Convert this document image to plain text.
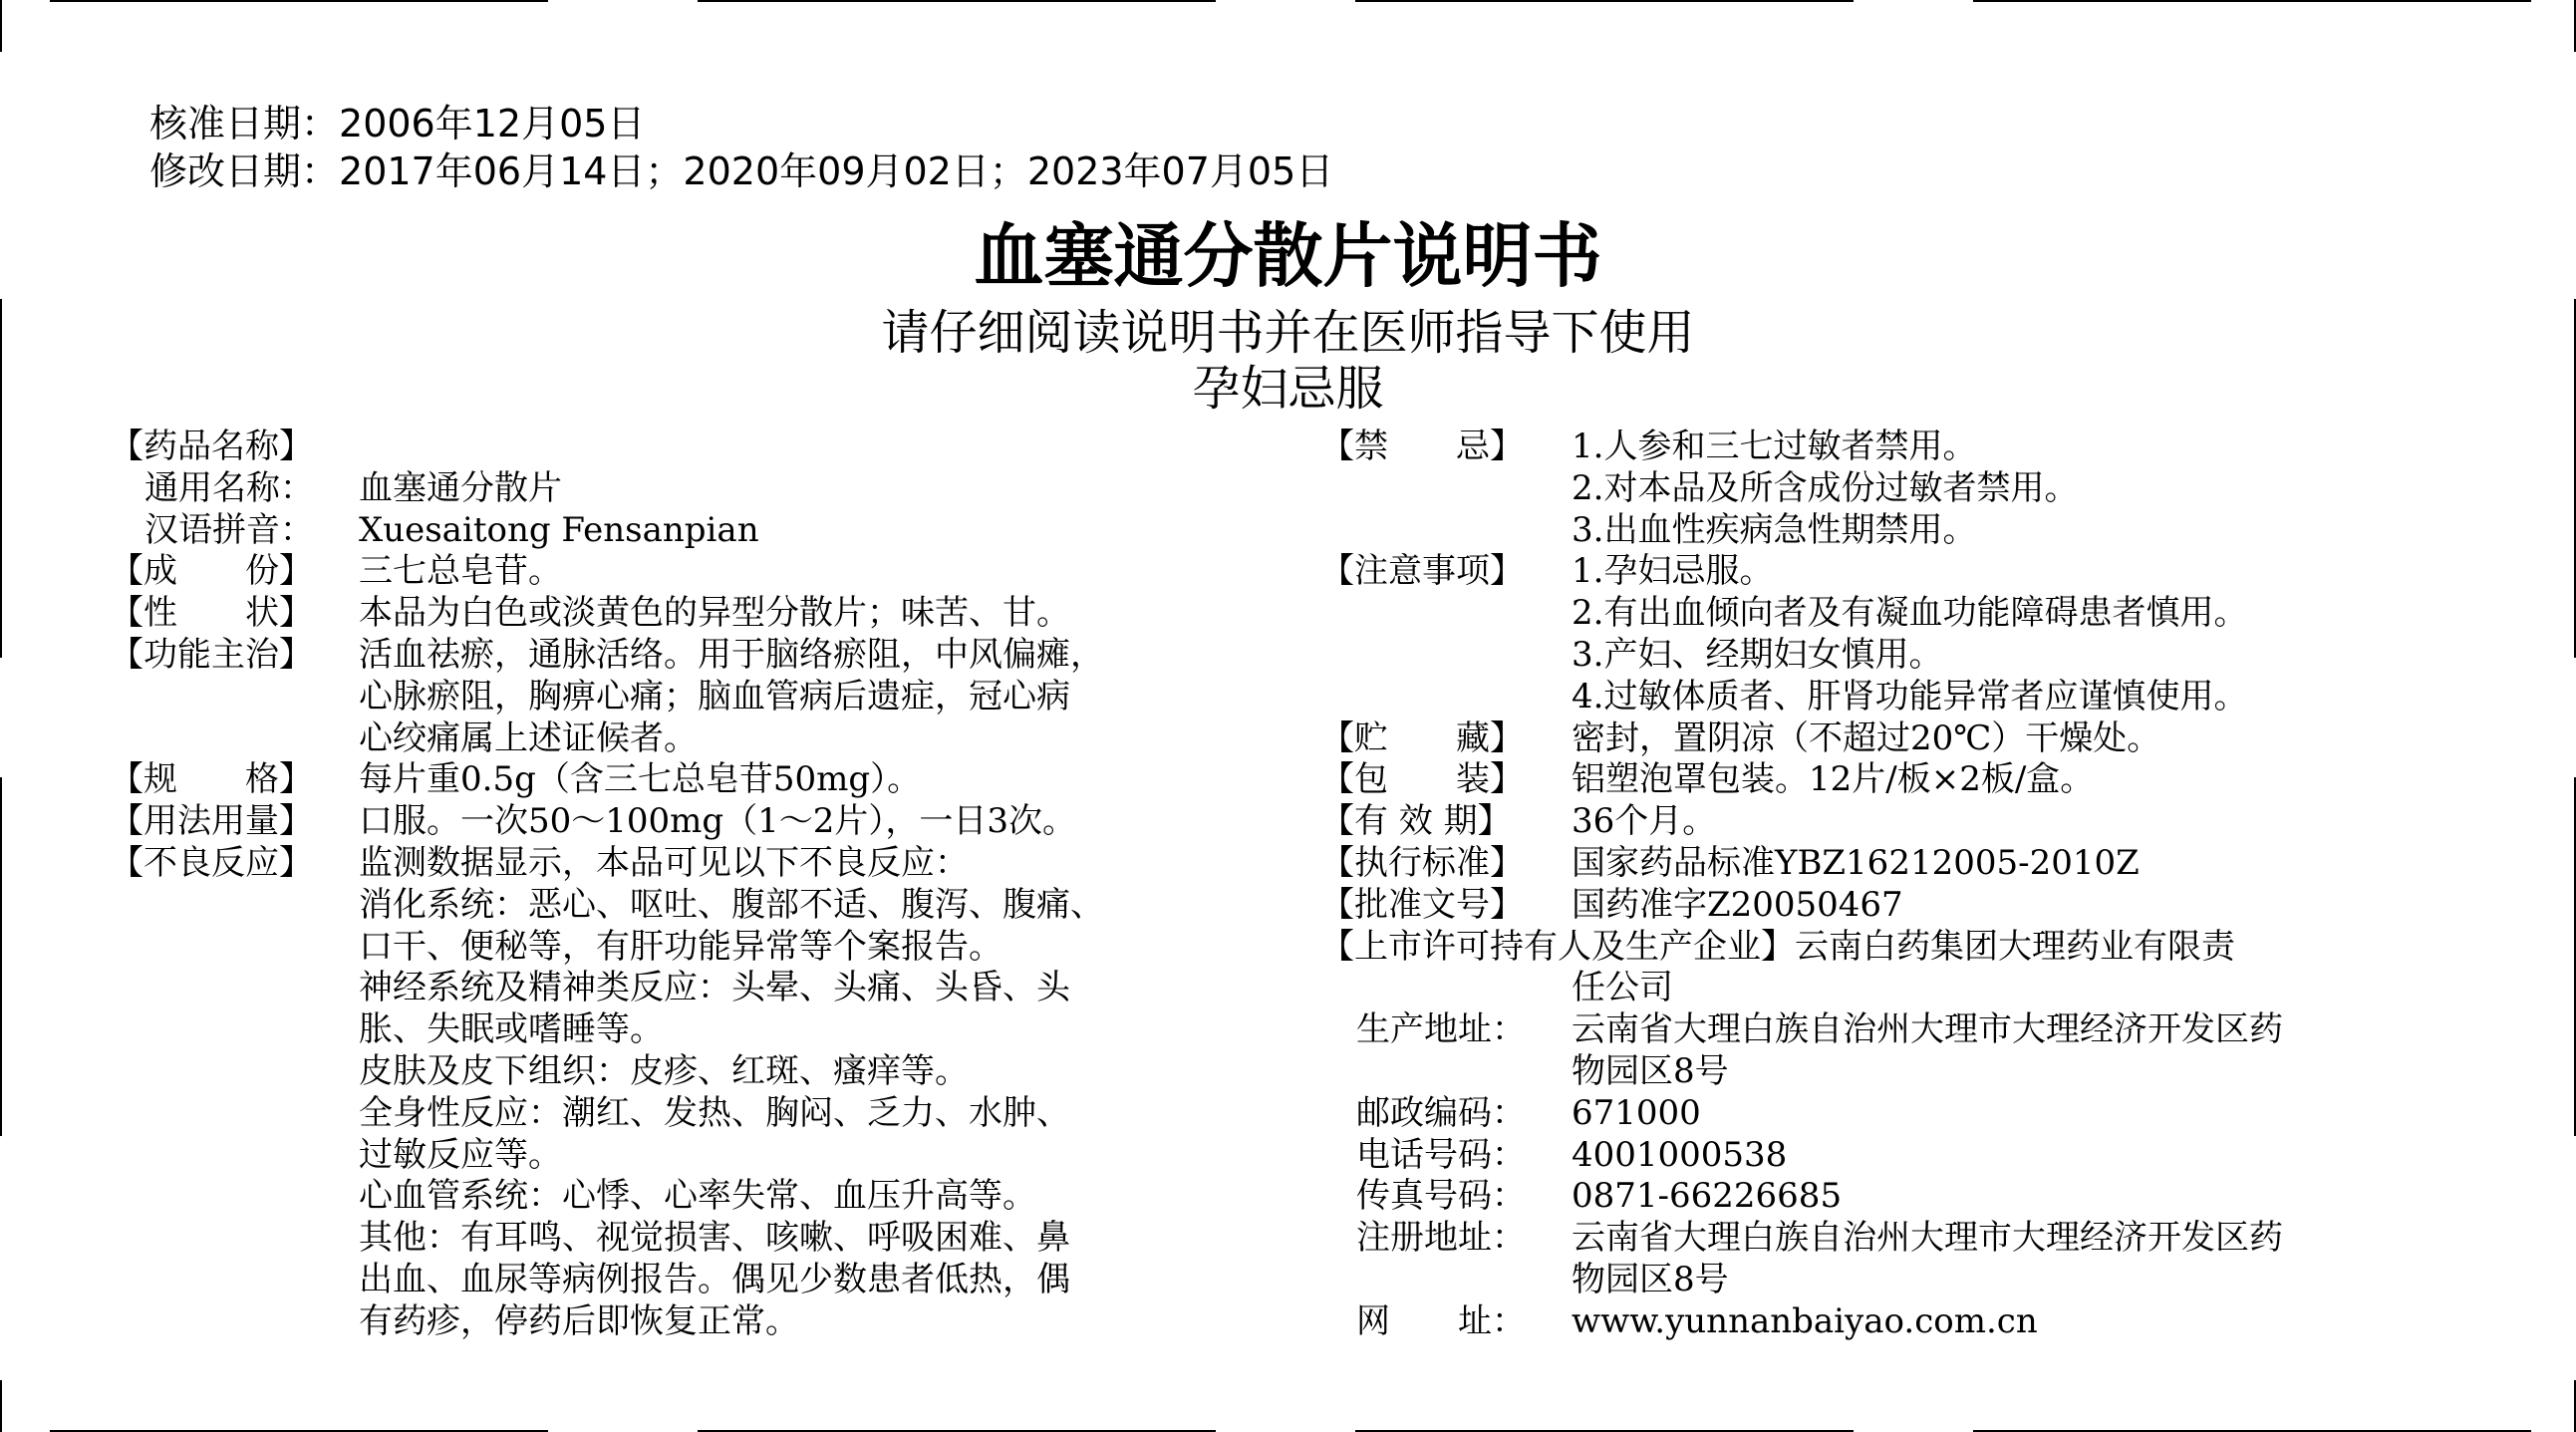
核准日期：2006年12月05日
修改日期：2017年06月14日；2020年09月02日；2023年07月05日
血塞通分散片说明书
请仔细阅读说明书并在医师指导下使用
孕妇忌服
【药品名称】
通用名称： 血塞通分散片
汉语拼音： Xuesaitong Fensanpian
【成　　份】 三七总皂苷。
【性　　状】 本品为白色或淡黄色的异型分散片；味苦、甘。
【功能主治】 活血祛瘀，通脉活络。用于脑络瘀阻，中风偏瘫，
心脉瘀阻，胸痹心痛；脑血管病后遗症，冠心病
心绞痛属上述证候者。
【规　　格】 每片重0.5g（含三七总皂苷50mg）。
【用法用量】 口服。一次50～100mg（1～2片），一日3次。
【不良反应】 监测数据显示，本品可见以下不良反应：
消化系统：恶心、呕吐、腹部不适、腹泻、腹痛、
口干、便秘等，有肝功能异常等个案报告。
神经系统及精神类反应：头晕、头痛、头昏、头
胀、失眠或嗜睡等。
皮肤及皮下组织：皮疹、红斑、瘙痒等。
全身性反应：潮红、发热、胸闷、乏力、水肿、
过敏反应等。
心血管系统：心悸、心率失常、血压升高等。
其他：有耳鸣、视觉损害、咳嗽、呼吸困难、鼻
出血、血尿等病例报告。偶见少数患者低热，偶
有药疹，停药后即恢复正常。
【禁　　忌】 1.人参和三七过敏者禁用。
2.对本品及所含成份过敏者禁用。
3.出血性疾病急性期禁用。
【注意事项】 1.孕妇忌服。
2.有出血倾向者及有凝血功能障碍患者慎用。
3.产妇、经期妇女慎用。
4.过敏体质者、肝肾功能异常者应谨慎使用。
【贮　　藏】 密封，置阴凉（不超过20℃）干燥处。
【包　　装】 铝塑泡罩包装。12片/板×2板/盒。
【有 效 期】 36个月。
【执行标准】 国家药品标准YBZ16212005-2010Z
【批准文号】 国药准字Z20050467
【上市许可持有人及生产企业】云南白药集团大理药业有限责
任公司
生产地址： 云南省大理白族自治州大理市大理经济开发区药
物园区8号
邮政编码： 671000
电话号码： 4001000538
传真号码： 0871-66226685
注册地址： 云南省大理白族自治州大理市大理经济开发区药
物园区8号
网　　址： www.yunnanbaiyao.com.cn
